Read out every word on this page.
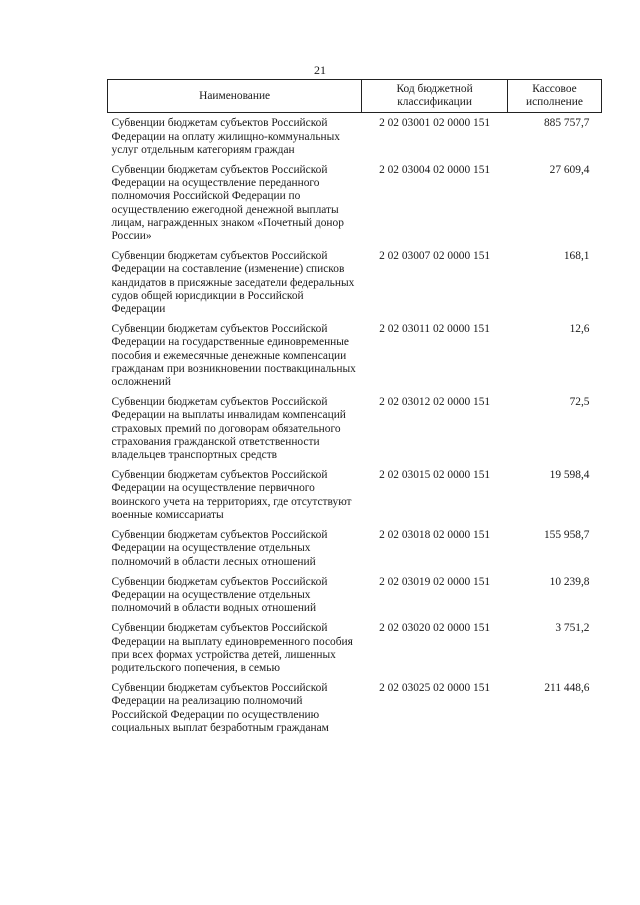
21
Наименование	Код бюджетной классификации	Кассовое исполнение
Субвенции бюджетам субъектов Российской Федерации на оплату жилищно-коммунальных услуг отдельным категориям граждан	2 02 03001 02 0000 151	885 757,7
Субвенции бюджетам субъектов Российской Федерации на осуществление переданного полномочия Российской Федерации по осуществлению ежегодной денежной выплаты лицам, награжденных знаком «Почетный донор России»	2 02 03004 02 0000 151	27 609,4
Субвенции бюджетам субъектов Российской Федерации на составление (изменение) списков кандидатов в присяжные заседатели федеральных судов общей юрисдикции в Российской Федерации	2 02 03007 02 0000 151	168,1
Субвенции бюджетам субъектов Российской Федерации на государственные единовременные пособия и ежемесячные денежные компенсации гражданам при возникновении поствакцинальных осложнений	2 02 03011 02 0000 151	12,6
Субвенции бюджетам субъектов Российской Федерации на выплаты инвалидам компенсаций страховых премий по договорам обязательного страхования гражданской ответственности владельцев транспортных средств	2 02 03012 02 0000 151	72,5
Субвенции бюджетам субъектов Российской Федерации на осуществление первичного воинского учета на территориях, где отсутствуют военные комиссариаты	2 02 03015 02 0000 151	19 598,4
Субвенции бюджетам субъектов Российской Федерации на осуществление отдельных полномочий в области лесных отношений	2 02 03018 02 0000 151	155 958,7
Субвенции бюджетам субъектов Российской Федерации на осуществление отдельных полномочий в области водных отношений	2 02 03019 02 0000 151	10 239,8
Субвенции бюджетам субъектов Российской Федерации на выплату единовременного пособия при всех формах устройства детей, лишенных родительского попечения, в семью	2 02 03020 02 0000 151	3 751,2
Субвенции бюджетам субъектов Российской Федерации на реализацию полномочий Российской Федерации по осуществлению социальных выплат безработным гражданам	2 02 03025 02 0000 151	211 448,6
